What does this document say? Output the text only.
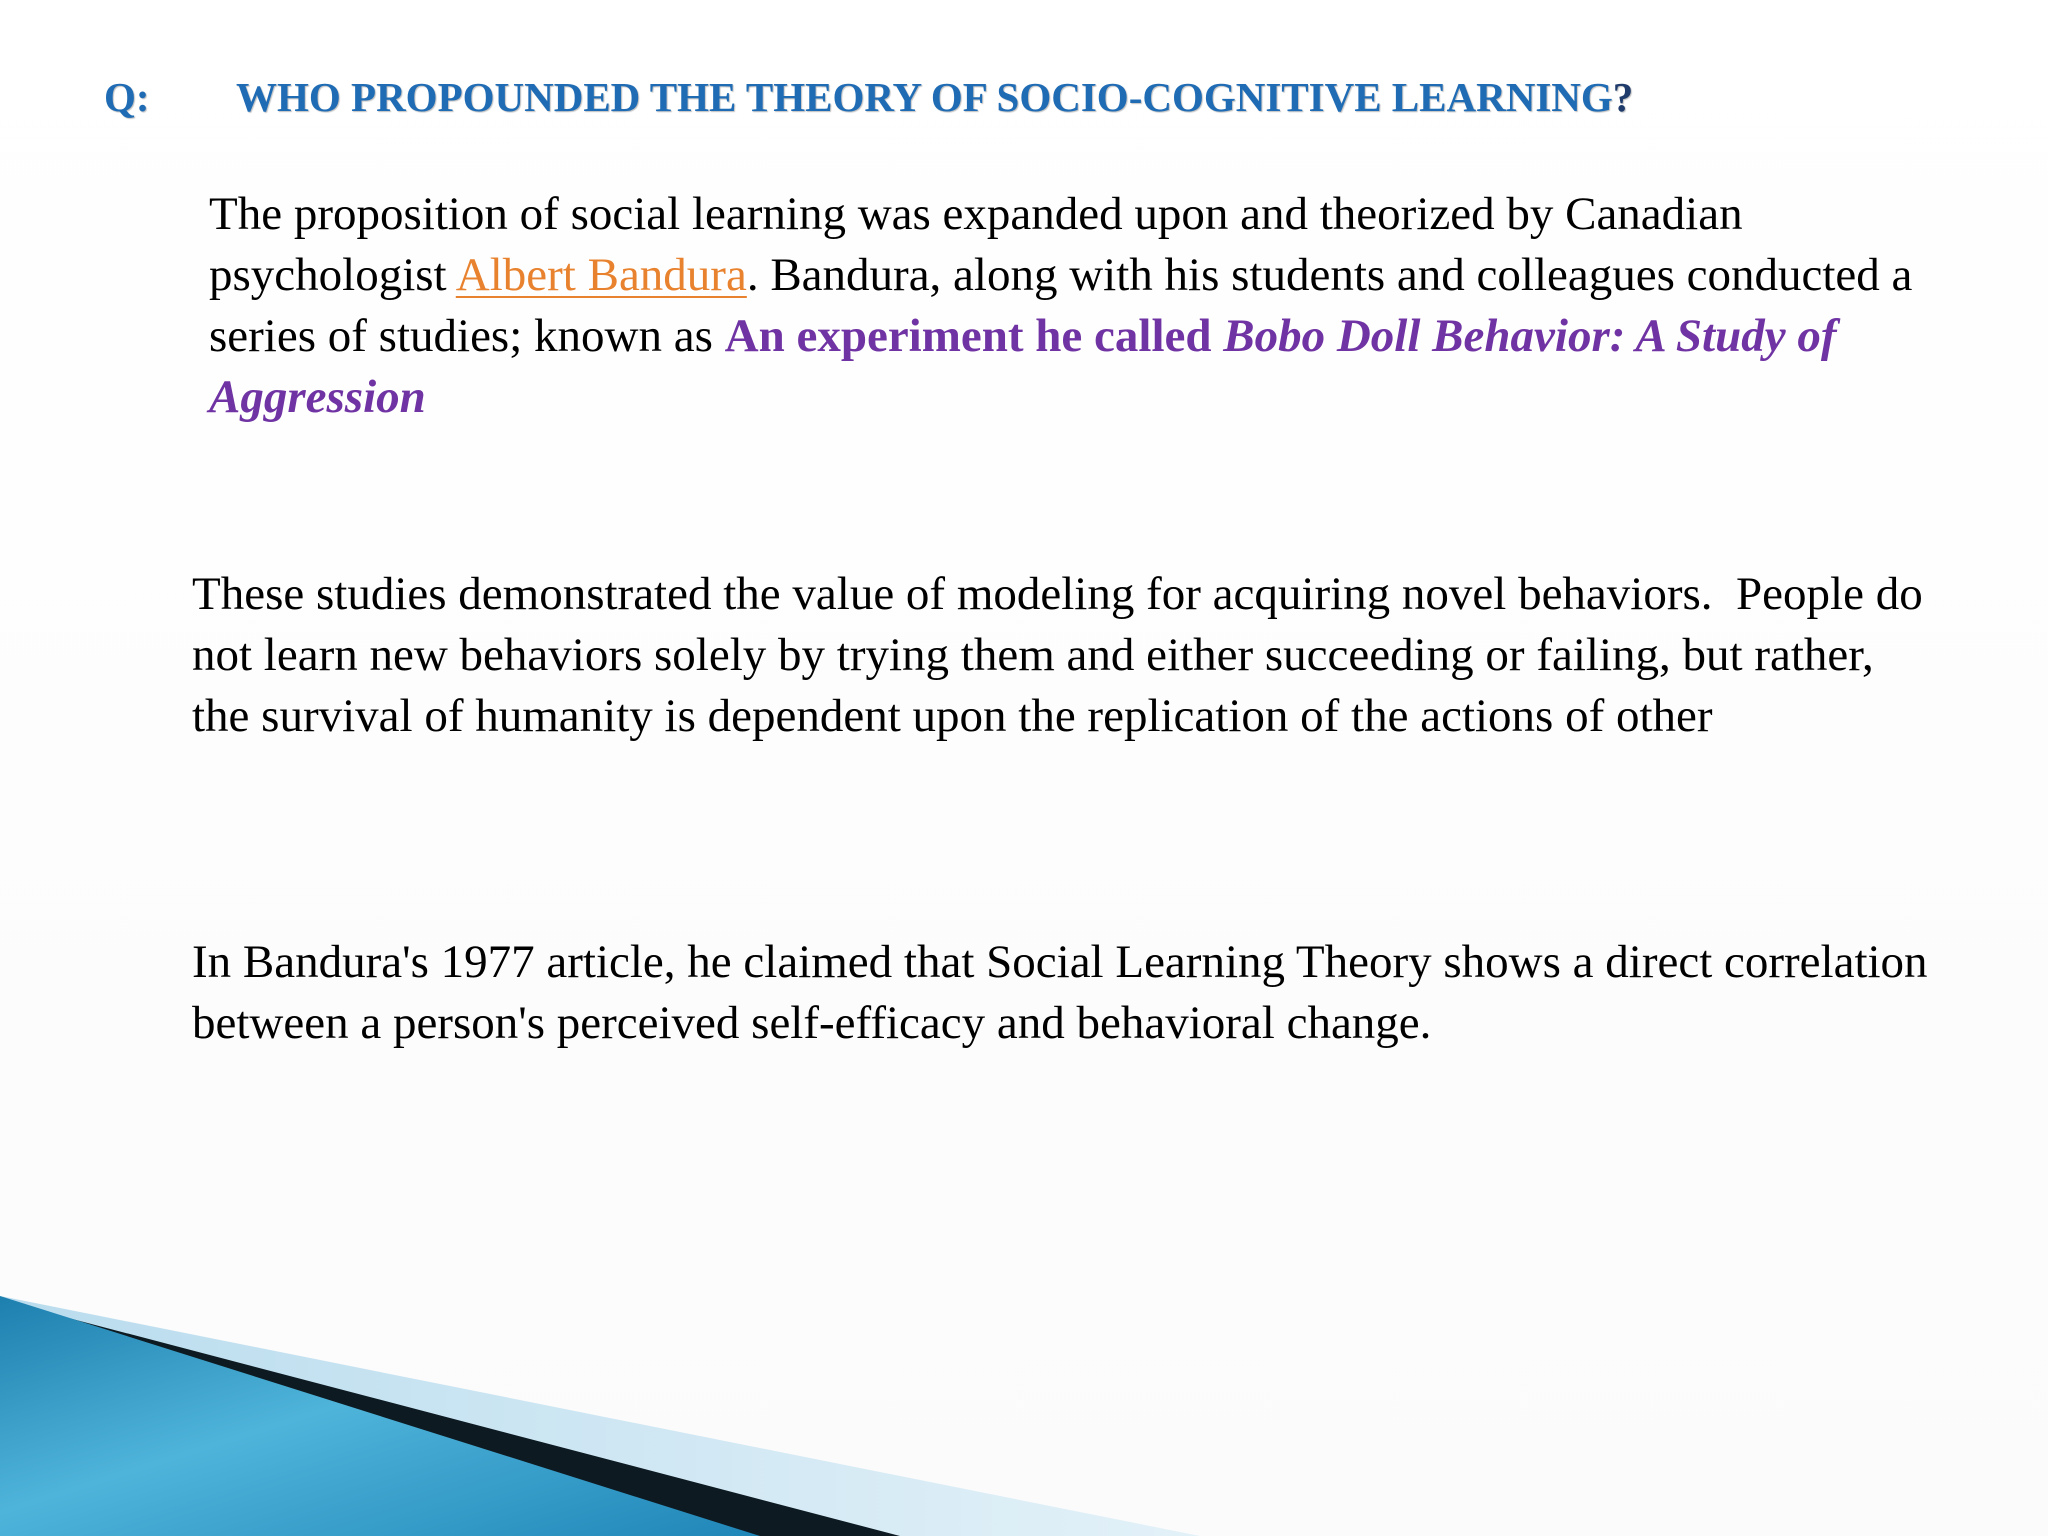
Q: WHO PROPOUNDED THE THEORY OF SOCIO-COGNITIVE LEARNING?
The proposition of social learning was expanded upon and theorized by Canadian psychologist Albert Bandura. Bandura, along with his students and colleagues conducted a series of studies; known as An experiment he called Bobo Doll Behavior: A Study of Aggression
These studies demonstrated the value of modeling for acquiring novel behaviors.  People do not learn new behaviors solely by trying them and either succeeding or failing, but rather, the survival of humanity is dependent upon the replication of the actions of other
In Bandura's 1977 article, he claimed that Social Learning Theory shows a direct correlation between a person's perceived self-efficacy and behavioral change.
